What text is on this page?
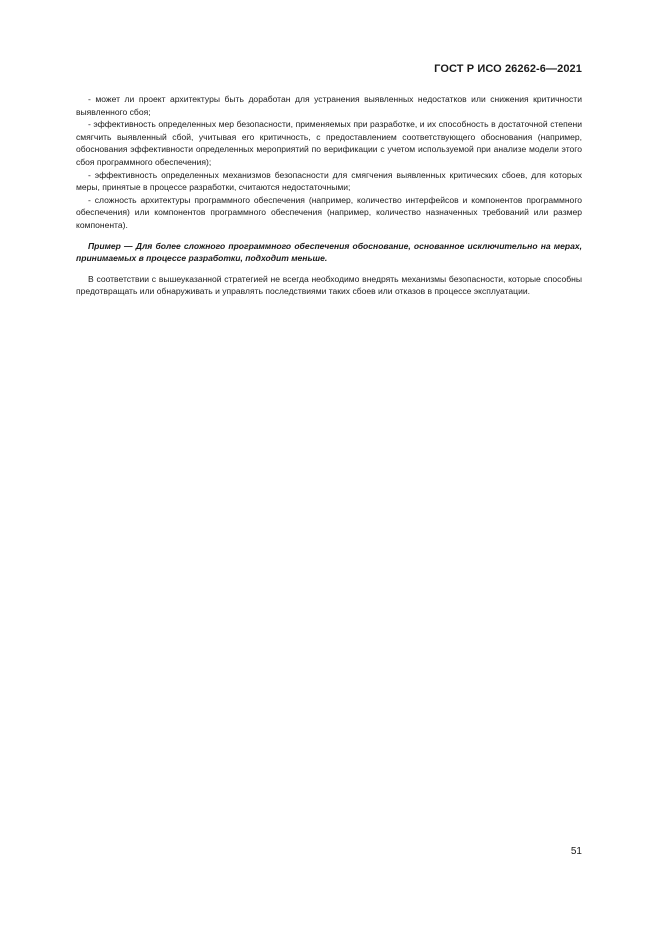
ГОСТ Р ИСО 26262-6—2021

- может ли проект архитектуры быть доработан для устранения выявленных недостатков или снижения критичности выявленного сбоя;

- эффективность определенных мер безопасности, применяемых при разработке, и их способность в достаточной степени смягчить выявленный сбой, учитывая его критичность, с предоставлением соответствующего обоснования (например, обоснования эффективности определенных мероприятий по верификации с учетом используемой при анализе модели этого сбоя программного обеспечения);

- эффективность определенных механизмов безопасности для смягчения выявленных критических сбоев, для которых меры, принятые в процессе разработки, считаются недостаточными;

- сложность архитектуры программного обеспечения (например, количество интерфейсов и компонентов программного обеспечения) или компонентов программного обеспечения (например, количество назначенных требований или размер компонента).

Пример — Для более сложного программного обеспечения обоснование, основанное исключительно на мерах, принимаемых в процессе разработки, подходит меньше.

В соответствии с вышеуказанной стратегией не всегда необходимо внедрять механизмы безопасности, которые способны предотвращать или обнаруживать и управлять последствиями таких сбоев или отказов в процессе эксплуатации.

51
